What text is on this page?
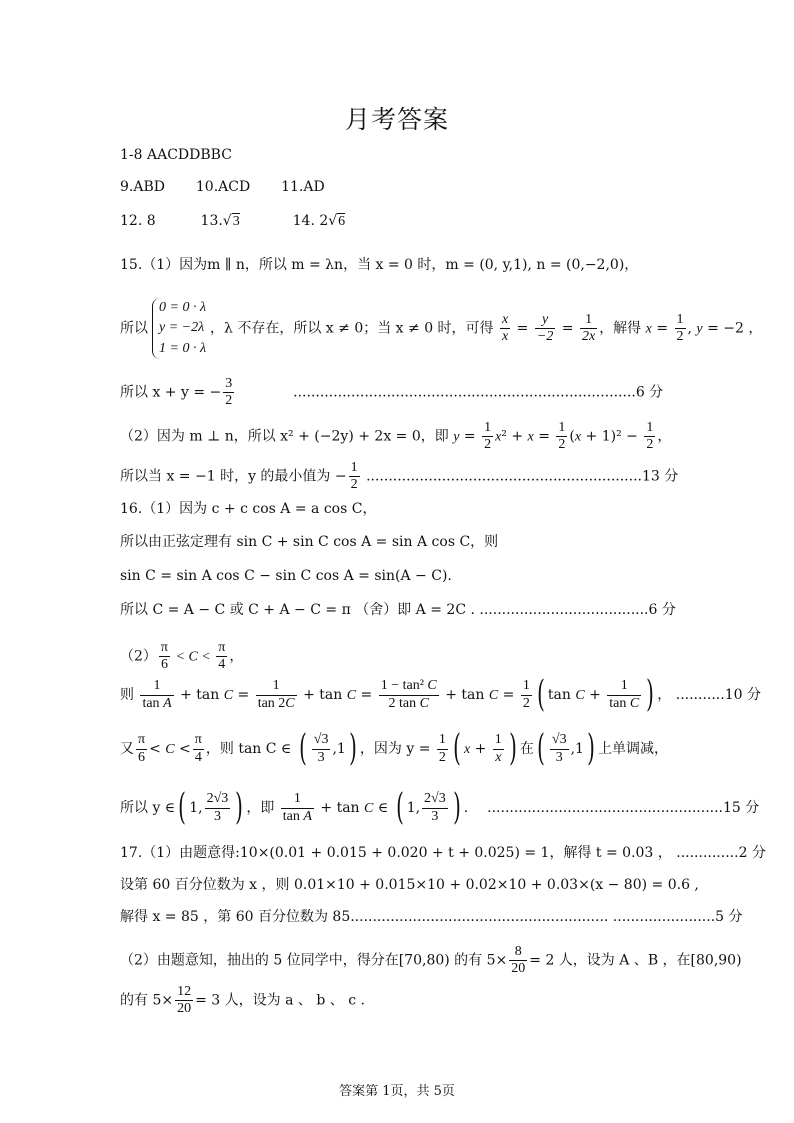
月考答案
1-8 AACDDBBC
9.ABD 10.ACD 11.AD
12. 8	13.√3	14. 2√6
15.（1）因为m ∥ n，所以 m = λn，当 x = 0 时，m = (0, y,1), n = (0,−2,0)，
所以
0 = 0 · λ
y = −2λ
1 = 0 · λ
，λ 不存在，所以 x ≠ 0；当 x ≠ 0 时，可得 $\frac{x}{x} = \frac{y}{-2} = \frac{1}{2x}$ ，解得 $x = \frac{1}{2}$ , y = −2 ，
所以 x + y = − $\frac{3}{2}$	.............................................................................6 分
（2）因为 m ⊥ n，所以 x² + (−2y) + 2x = 0，即 $y = \frac{1}{2} x^2 + x = \frac{1}{2} (x + 1)^2 - \frac{1}{2}$ ，
所以当 x = −1 时，y 的最小值为 − $\frac{1}{2} ..............................................................13$ 分
16.（1）因为 c + c cos A = a cos C，
所以由正弦定理有 sin C + sin C cos A = sin A cos C，则
sin C = sin A cos C − sin C cos A = sin(A − C).
所以 C = A − C 或 C + A − C = π （舍）即 A = 2C . ......................................6 分
$(2) \frac{\pi}{6} < C < \frac{\pi}{4}$ ，
则 $\frac{1}{\text{tan A}} + \tan C = \frac{1}{\tan 2C} + \tan C = \frac{\text{1 − tan² C}}{\text{2 tan C}} + \tan C = \frac{1}{2}$ ( $\tan C + \frac{1}{\text{tan C}}$ ) ， ...........10 分
又 $\frac{\pi}{6} < C < \frac{\pi}{4}$ ，则 tan C ∈ ( $\frac{√3}{3} ,1$) ，因为 $y = \frac{1}{2}$ ( $x + \frac{1}{x}$ ) 在( $\frac{√3}{3} ,1$) 上单调减，
所以 y ∈( 1, $\frac{2√3}{3}$ ) ，即 $\frac{1}{\text{tan A}} + \tan C$ ∈ ( 1, $\frac{2√3}{3}$ ) .  .....................................................15 分
17.（1）由题意得:10×(0.01 + 0.015 + 0.020 + t + 0.025) = 1，解得 t = 0.03 ， ..............2 分
设第 60 百分位数为 x ，则 0.01×10 + 0.015×10 + 0.02×10 + 0.03×(x − 80) = 0.6 ,
解得 x = 85 ，第 60 百分位数为 85.......................................................... .......................5 分
（2）由题意知，抽出的 5 位同学中，得分在[70,80) 的有 $5\times \frac{8}{20} = 2$ 人，设为 A 、B ，在[80,90)
的有 $5\times \frac{12}{20} = 3$ 人，设为 a 、 b 、 c .
答案第 1页，共 5页
